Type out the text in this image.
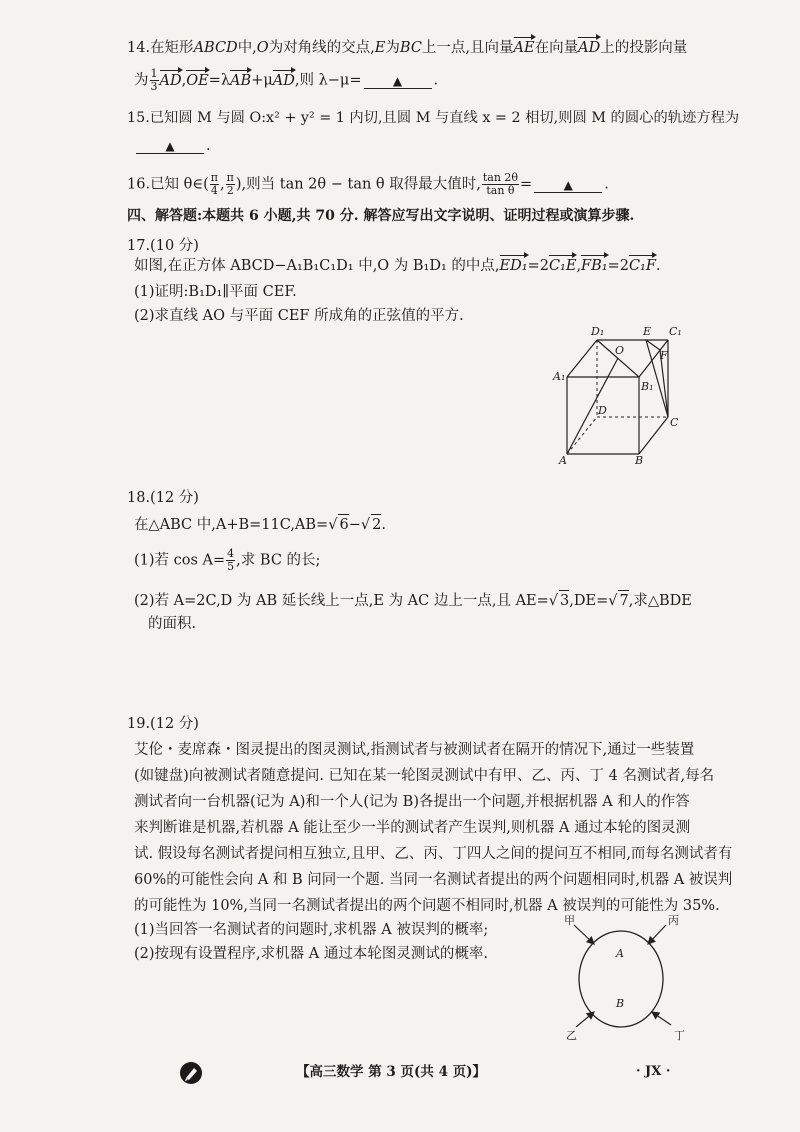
14.在矩形ABCD中,O为对角线的交点,E为BC上一点,且向量AE在向量AD上的投影向量
为 $\frac{1}{3} AD,OE=\lambda AB+\mu AD$,则 λ−μ=	▲ .
15.已知圆 M 与圆 O:x² + y² = 1 内切,且圆 M 与直线 x = 2 相切,则圆 M 的圆心的轨迹方程为
▲ .
16.已知 θ∈( $\frac{\pi}{4}$ , $\frac{\pi}{2}$ ),则当 tan 2θ − tan θ 取得最大值时, $\frac{\tan 2\theta}{\text{tan θ}}$ =	▲ .
四、解答题:本题共 6 小题,共 70 分. 解答应写出文字说明、证明过程或演算步骤.
17.(10 分)
如图,在正方体 ABCD−A₁B₁C₁D₁ 中,O 为 B₁D₁ 的中点,ED₁=2C₁E,FB₁=2C₁F.
(1)证明:B₁D₁∥平面 CEF.
(2)求直线 AO 与平面 CEF 所成角的正弦值的平方.
D₁	E C₁
O	F
A₁
B₁
D
C
A	B
18.(12 分)
在△ABC 中,A+B=11C,AB=√ 6−√ 2.
(1)若 $\cos A= \frac{4}{5}$ ,求 BC 的长;
(2)若 A=2C,D 为 AB 延长线上一点,E 为 AC 边上一点,且 AE=√ 3,DE=√ 7,求△BDE
的面积.
19.(12 分)
艾伦・麦席森・图灵提出的图灵测试,指测试者与被测试者在隔开的情况下,通过一些装置
(如键盘)向被测试者随意提问. 已知在某一轮图灵测试中有甲、乙、丙、丁 4 名测试者,每名
测试者向一台机器(记为 A)和一个人(记为 B)各提出一个问题,并根据机器 A 和人的作答
来判断谁是机器,若机器 A 能让至少一半的测试者产生误判,则机器 A 通过本轮的图灵测
试. 假设每名测试者提问相互独立,且甲、乙、丙、丁四人之间的提问互不相同,而每名测试者有
60%的可能性会向 A 和 B 问同一个题. 当同一名测试者提出的两个问题相同时,机器 A 被误判
的可能性为 10%,当同一名测试者提出的两个问题不相同时,机器 A 被误判的可能性为 35%.
(1)当回答一名测试者的问题时,求机器 A 被误判的概率;
(2)按现有设置程序,求机器 A 通过本轮图灵测试的概率.
甲	丙
A
B
乙	丁
【高三数学 第 3 页(共 4 页)】	· JX ·
